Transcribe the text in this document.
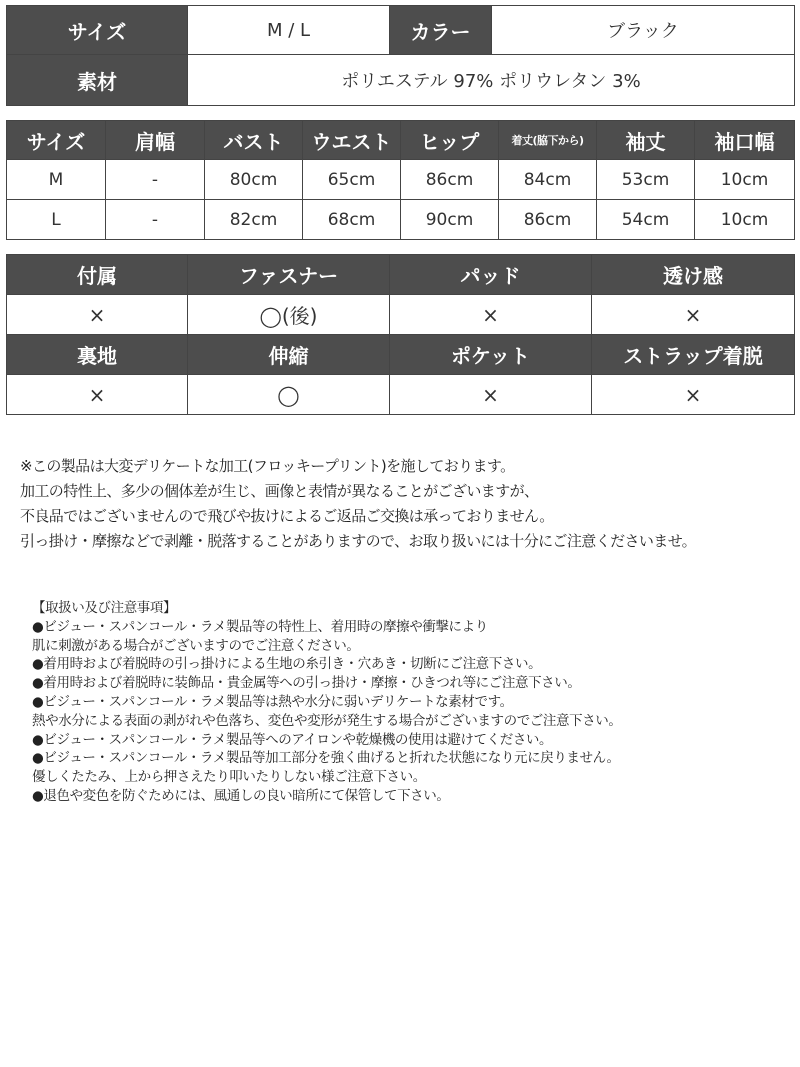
サイズ	M / L	カラー	ブラック
素材	ポリエステル 97% ポリウレタン 3%		
サイズ	肩幅	バスト	ウエスト	ヒップ	着丈(脇下から)	袖丈	袖口幅
M	-	80cm	65cm	86cm	84cm	53cm	10cm
L	-	82cm	68cm	90cm	86cm	54cm	10cm
付属	ファスナー	パッド	透け感
×	◯(後)	×	×
裏地	伸縮	ポケット	ストラップ着脱
×	◯	×	×
※この製品は大変デリケートな加工(フロッキープリント)を施しております。
加工の特性上、多少の個体差が生じ、画像と表情が異なることがございますが、
不良品ではございませんので飛びや抜けによるご返品ご交換は承っておりません。
引っ掛け・摩擦などで剥離・脱落することがありますので、お取り扱いには十分にご注意くださいませ。
【取扱い及び注意事項】
●ビジュー・スパンコール・ラメ製品等の特性上、着用時の摩擦や衝撃により
肌に刺激がある場合がございますのでご注意ください。
●着用時および着脱時の引っ掛けによる生地の糸引き・穴あき・切断にご注意下さい。
●着用時および着脱時に装飾品・貴金属等への引っ掛け・摩擦・ひきつれ等にご注意下さい。
●ビジュー・スパンコール・ラメ製品等は熱や水分に弱いデリケートな素材です。
熱や水分による表面の剥がれや色落ち、変色や変形が発生する場合がございますのでご注意下さい。
●ビジュー・スパンコール・ラメ製品等へのアイロンや乾燥機の使用は避けてください。
●ビジュー・スパンコール・ラメ製品等加工部分を強く曲げると折れた状態になり元に戻りません。
優しくたたみ、上から押さえたり叩いたりしない様ご注意下さい。
●退色や変色を防ぐためには、風通しの良い暗所にて保管して下さい。
